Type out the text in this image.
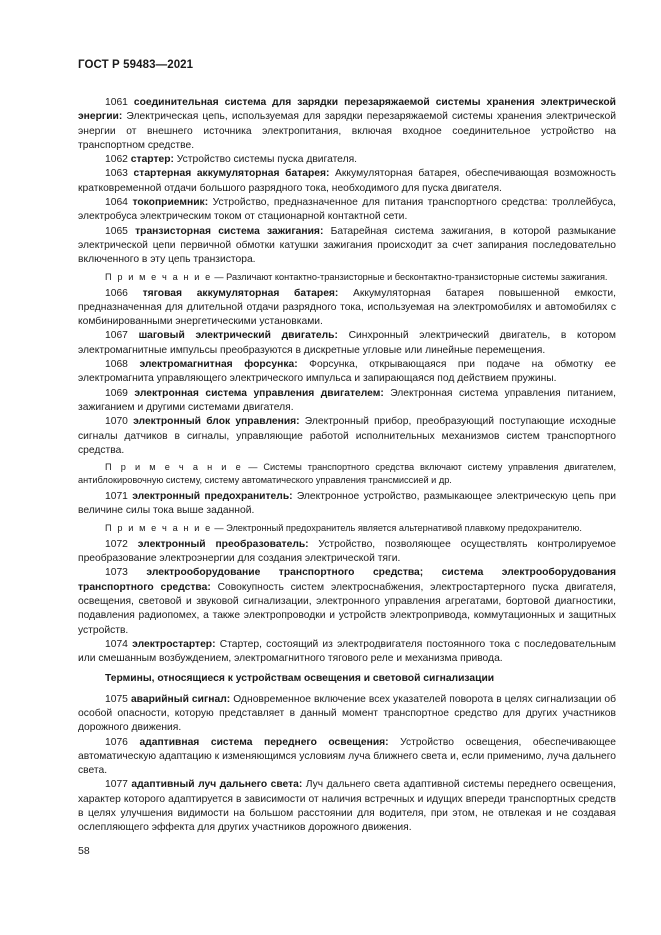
ГОСТ Р 59483—2021

1061 соединительная система для зарядки перезаряжаемой системы хранения электрической энергии: Электрическая цепь, используемая для зарядки перезаряжаемой системы хранения электрической энергии от внешнего источника электропитания, включая входное соединительное устройство на транспортном средстве.

1062 стартер: Устройство системы пуска двигателя.

1063 стартерная аккумуляторная батарея: Аккумуляторная батарея, обеспечивающая возможность кратковременной отдачи большого разрядного тока, необходимого для пуска двигателя.

1064 токоприемник: Устройство, предназначенное для питания транспортного средства: троллейбуса, электробуса электрическим током от стационарной контактной сети.

1065 транзисторная система зажигания: Батарейная система зажигания, в которой размыкание электрической цепи первичной обмотки катушки зажигания происходит за счет запирания последовательно включенного в эту цепь транзистора.

П р и м е ч а н и е — Различают контактно-транзисторные и бесконтактно-транзисторные системы зажигания.

1066 тяговая аккумуляторная батарея: Аккумуляторная батарея повышенной емкости, предназначенная для длительной отдачи разрядного тока, используемая на электромобилях и автомобилях с комбинированными энергетическими установками.

1067 шаговый электрический двигатель: Синхронный электрический двигатель, в котором электромагнитные импульсы преобразуются в дискретные угловые или линейные перемещения.

1068 электромагнитная форсунка: Форсунка, открывающаяся при подаче на обмотку ее электромагнита управляющего электрического импульса и запирающаяся под действием пружины.

1069 электронная система управления двигателем: Электронная система управления питанием, зажиганием и другими системами двигателя.

1070 электронный блок управления: Электронный прибор, преобразующий поступающие исходные сигналы датчиков в сигналы, управляющие работой исполнительных механизмов систем транспортного средства.

П р и м е ч а н и е — Системы транспортного средства включают систему управления двигателем, антиблокировочную систему, систему автоматического управления трансмиссией и др.

1071 электронный предохранитель: Электронное устройство, размыкающее электрическую цепь при величине силы тока выше заданной.

П р и м е ч а н и е — Электронный предохранитель является альтернативой плавкому предохранителю.

1072 электронный преобразователь: Устройство, позволяющее осуществлять контролируемое преобразование электроэнергии для создания электрической тяги.

1073 электрооборудование транспортного средства; система электрооборудования транспортного средства: Совокупность систем электроснабжения, электростартерного пуска двигателя, освещения, световой и звуковой сигнализации, электронного управления агрегатами, бортовой диагностики, подавления радиопомех, а также электропроводки и устройств электропривода, коммутационных и защитных устройств.

1074 электростартер: Стартер, состоящий из электродвигателя постоянного тока с последовательным или смешанным возбуждением, электромагнитного тягового реле и механизма привода.

Термины, относящиеся к устройствам освещения и световой сигнализации

1075 аварийный сигнал: Одновременное включение всех указателей поворота в целях сигнализации об особой опасности, которую представляет в данный момент транспортное средство для других участников дорожного движения.

1076 адаптивная система переднего освещения: Устройство освещения, обеспечивающее автоматическую адаптацию к изменяющимся условиям луча ближнего света и, если применимо, луча дальнего света.

1077 адаптивный луч дальнего света: Луч дальнего света адаптивной системы переднего освещения, характер которого адаптируется в зависимости от наличия встречных и идущих впереди транспортных средств в целях улучшения видимости на большом расстоянии для водителя, при этом, не отвлекая и не создавая ослепляющего эффекта для других участников дорожного движения.

58
